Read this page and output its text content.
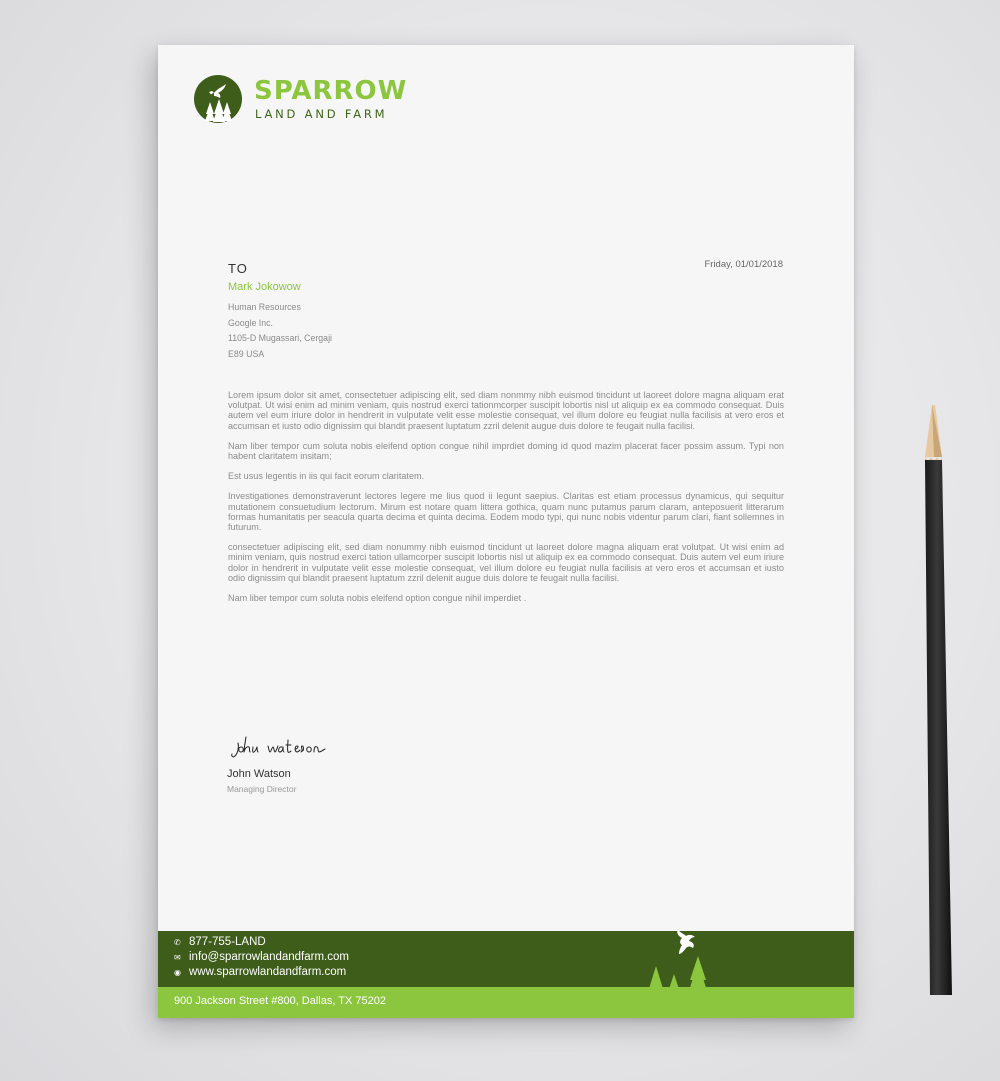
SPARROW
LAND AND FARM
TO	Friday, 01/01/2018
Mark Jokowow
Human Resources
Google Inc.
1105-D Mugassari, Cergaji
E89 USA

Lorem ipsum dolor sit amet, consectetuer adipiscing elit, sed diam nonmmy nibh euismod tincidunt ut laoreet dolore magna aliquam erat volutpat. Ut wisi enim ad minim veniam, quis nostrud exerci tationmcorper suscipit lobortis nisl ut aliquip ex ea commodo consequat. Duis autem vel eum iriure dolor in hendrerit in vulputate velit esse molestie consequat, vel illum dolore eu feugiat nulla facilisis at vero eros et accumsan et iusto odio dignissim qui blandit praesent luptatum zzril delenit augue duis dolore te feugait nulla facilisi.

Nam liber tempor cum soluta nobis eleifend option congue nihil imprdiet doming id quod mazim placerat facer possim assum. Typi non habent claritatem insitam;

Est usus legentis in iis qui facit eorum claritatem.

Investigationes demonstraverunt lectores legere me lius quod ii legunt saepius. Claritas est etiam processus dynamicus, qui sequitur mutationem consuetudium lectorum. Mirum est notare quam littera gothica, quam nunc putamus parum claram, anteposuerit litterarum formas humanitatis per seacula quarta decima et quinta decima. Eodem modo typi, qui nunc nobis videntur parum clari, fiant sollemnes in futurum.

consectetuer adipiscing elit, sed diam nonummy nibh euismod tincidunt ut laoreet dolore magna aliquam erat volutpat. Ut wisi enim ad minim veniam, quis nostrud exerci tation ullamcorper suscipit lobortis nisl ut aliquip ex ea commodo consequat. Duis autem vel eum iriure dolor in hendrerit in vulputate velit esse molestie consequat, vel illum dolore eu feugiat nulla facilisis at vero eros et accumsan et iusto odio dignissim qui blandit praesent luptatum zzril delenit augue duis dolore te feugait nulla facilisi.

Nam liber tempor cum soluta nobis eleifend option congue nihil imperdiet .

John Watson
Managing Director
✆ 877-755-LAND
✉ info@sparrowlandandfarm.com
◉ www.sparrowlandandfarm.com
900 Jackson Street #800, Dallas, TX 75202
